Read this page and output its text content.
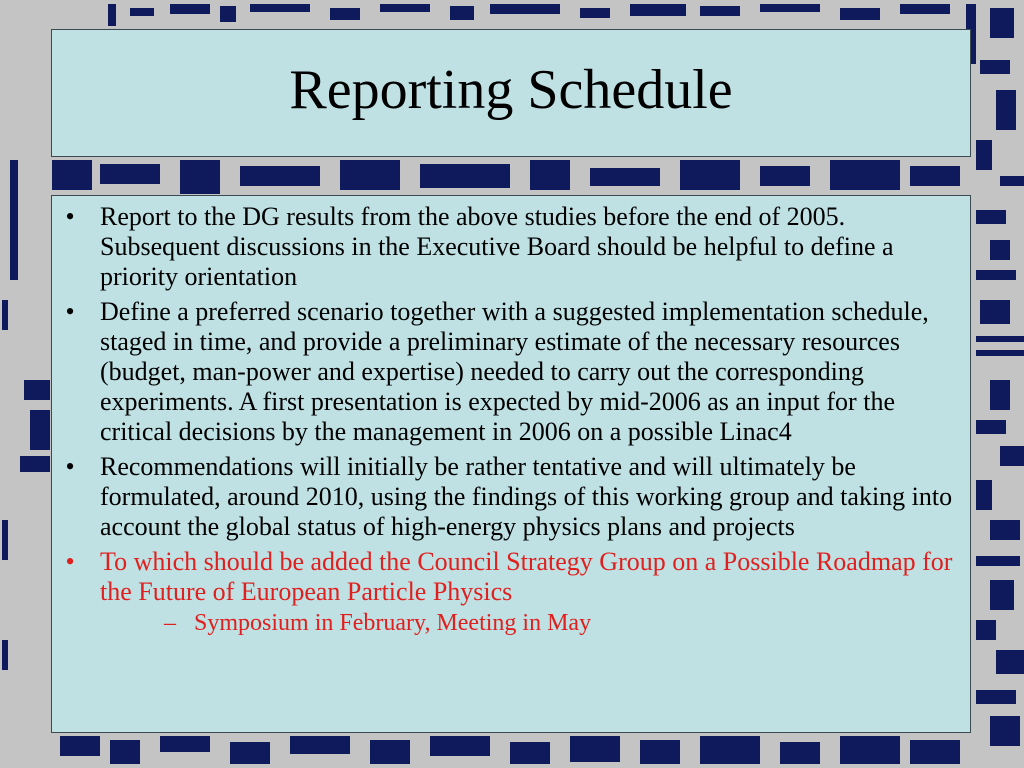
Reporting Schedule
• Report to the DG results from the above studies before the end of 2005. Subsequent discussions in the Executive Board should be helpful to define a priority orientation
• Define a preferred scenario together with a suggested implementation schedule, staged in time, and provide a preliminary estimate of the necessary resources (budget, man-power and expertise) needed to carry out the corresponding experiments. A first presentation is expected by mid-2006 as an input for the critical decisions by the management in 2006 on a possible Linac4
• Recommendations will initially be rather tentative and will ultimately be formulated, around 2010, using the findings of this working group and taking into account the global status of high-energy physics plans and projects
• To which should be added the Council Strategy Group on a Possible Roadmap for the Future of European Particle Physics
– Symposium in February, Meeting in May
